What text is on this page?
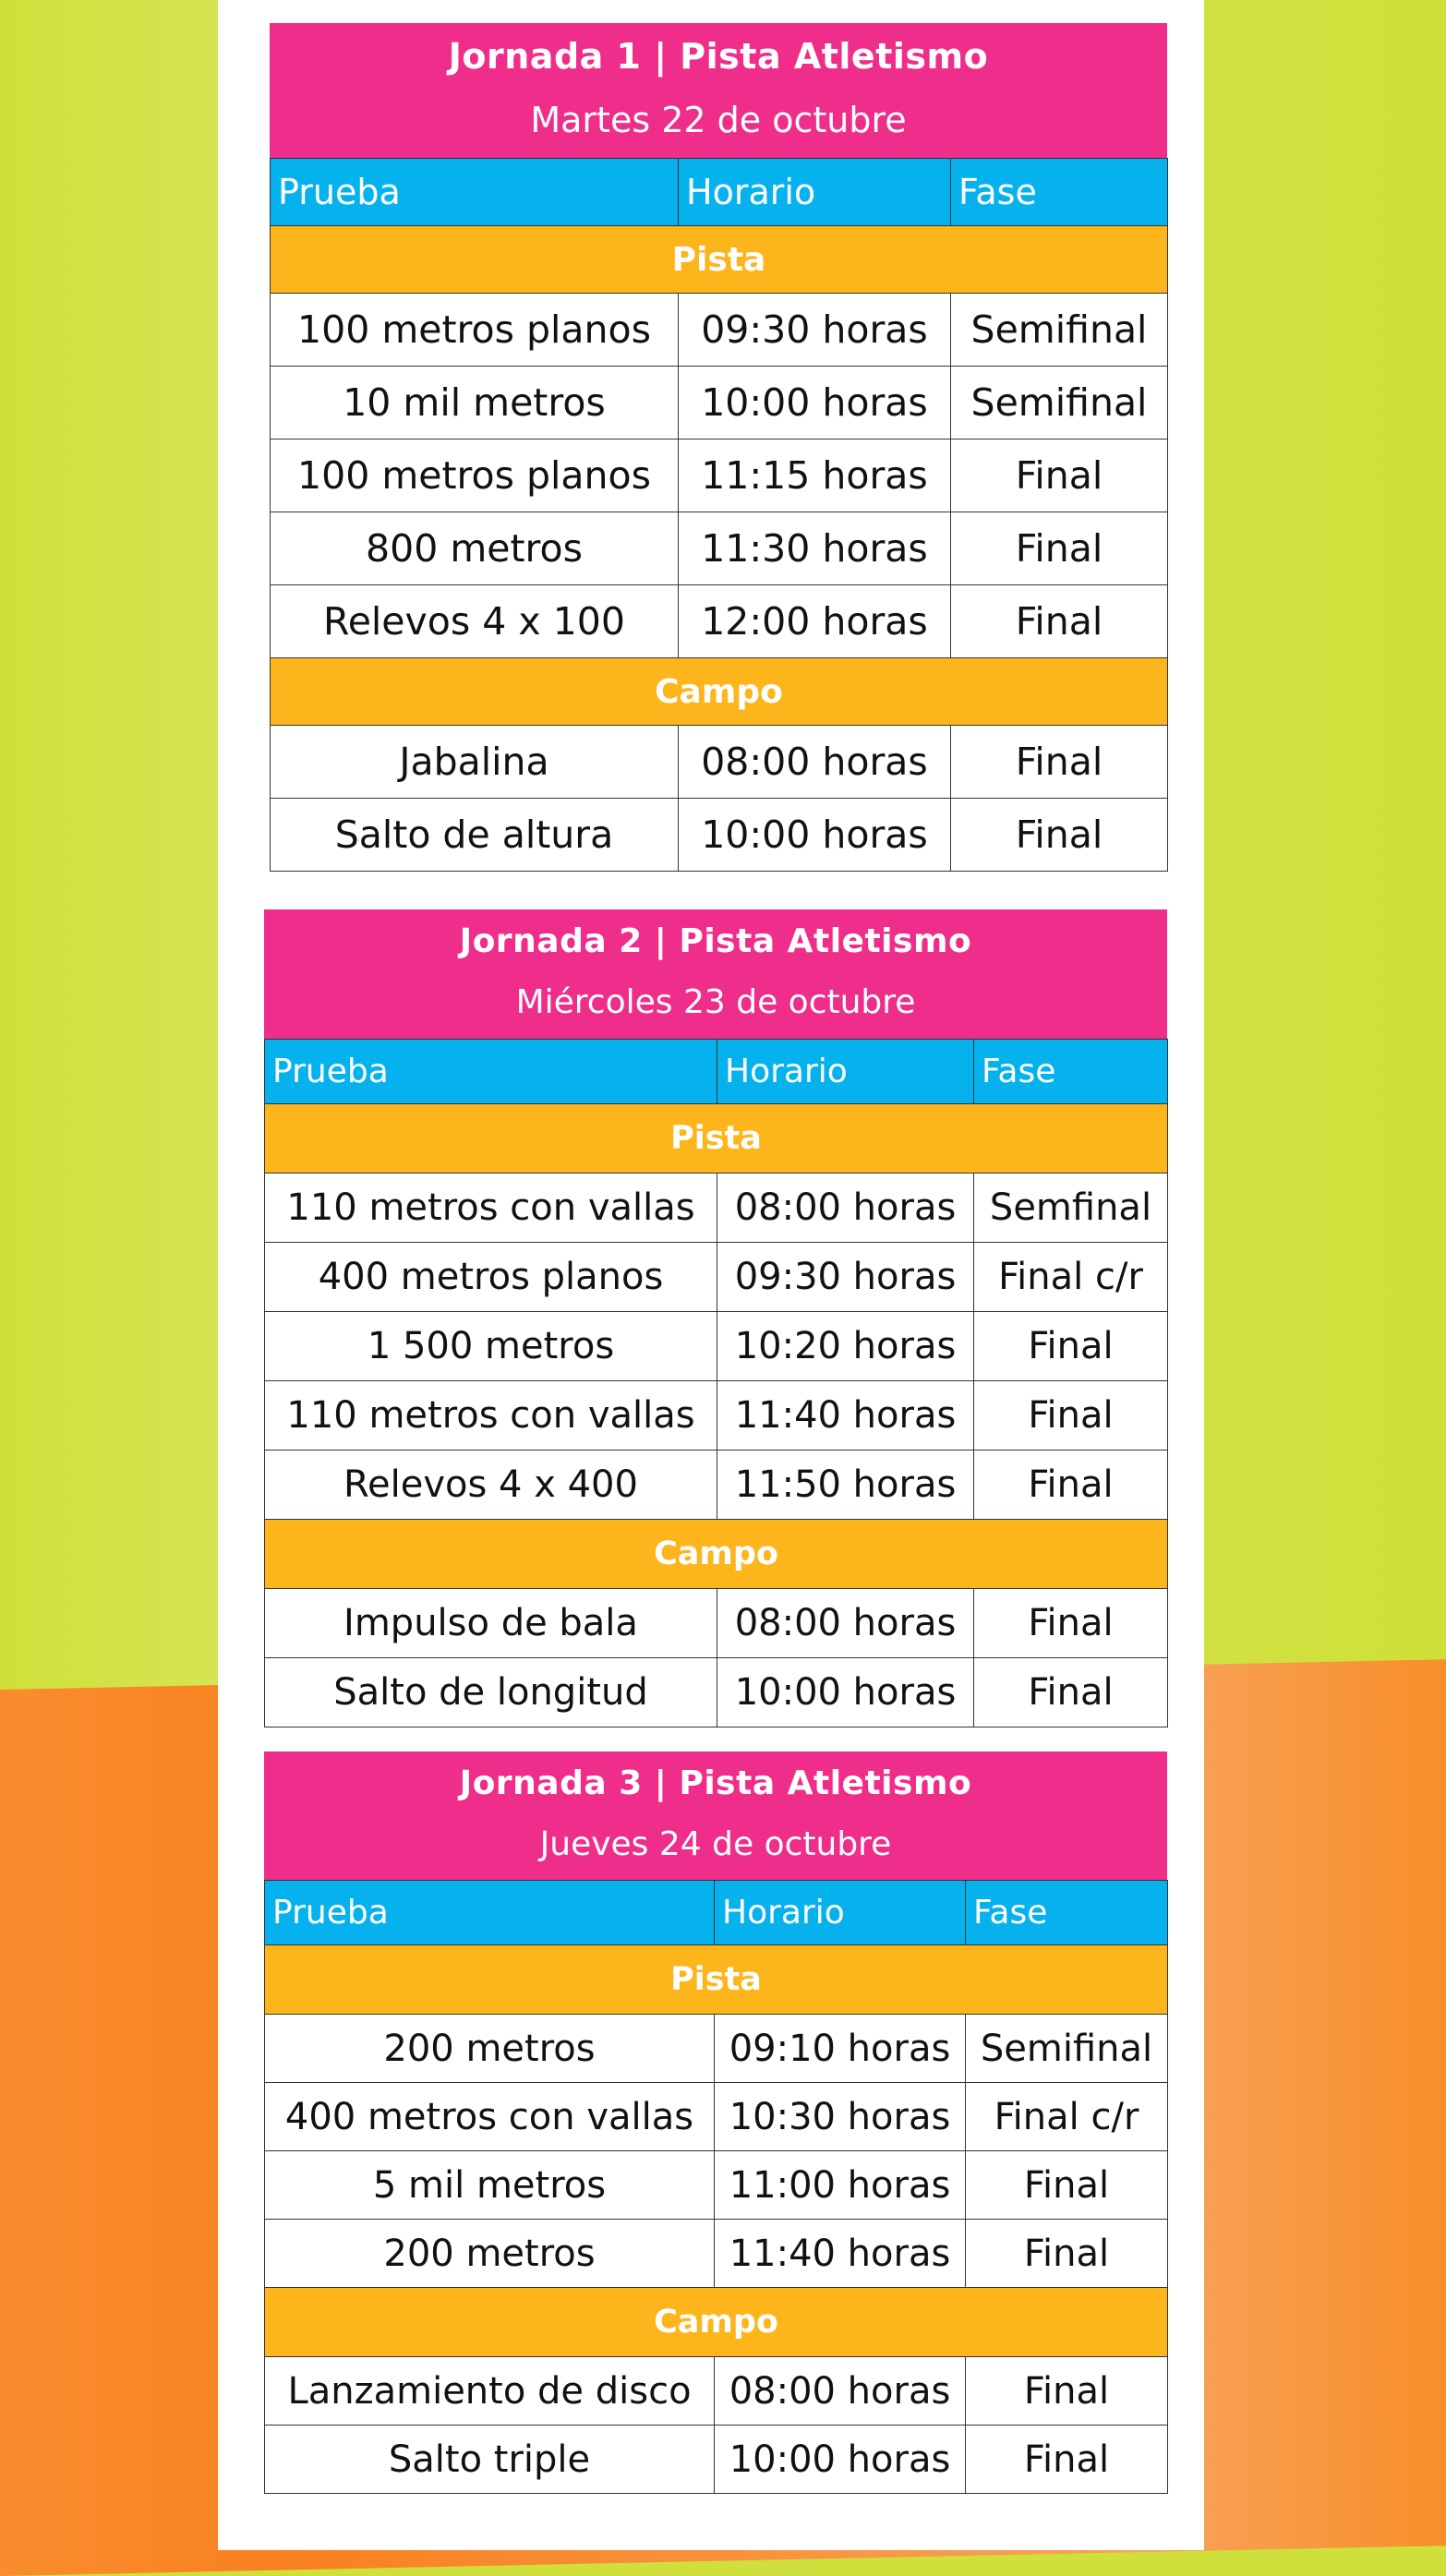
Jornada 1 | Pista Atletismo
Martes 22 de octubre
Prueba	Horario	Fase
Pista		
100 metros planos	09:30 horas	Semifinal
10 mil metros	10:00 horas	Semifinal
100 metros planos	11:15 horas	Final
800 metros	11:30 horas	Final
Relevos 4 x 100	12:00 horas	Final
Campo		
Jabalina	08:00 horas	Final
Salto de altura	10:00 horas	Final
Jornada 2 | Pista Atletismo
Miércoles 23 de octubre
Prueba	Horario	Fase
Pista		
110 metros con vallas	08:00 horas	Semfinal
400 metros planos	09:30 horas	Final c/r
1 500 metros	10:20 horas	Final
110 metros con vallas	11:40 horas	Final
Relevos 4 x 400	11:50 horas	Final
Campo		
Impulso de bala	08:00 horas	Final
Salto de longitud	10:00 horas	Final
Jornada 3 | Pista Atletismo
Jueves 24 de octubre
Prueba	Horario	Fase
Pista		
200 metros	09:10 horas	Semifinal
400 metros con vallas	10:30 horas	Final c/r
5 mil metros	11:00 horas	Final
200 metros	11:40 horas	Final
Campo		
Lanzamiento de disco	08:00 horas	Final
Salto triple	10:00 horas	Final
